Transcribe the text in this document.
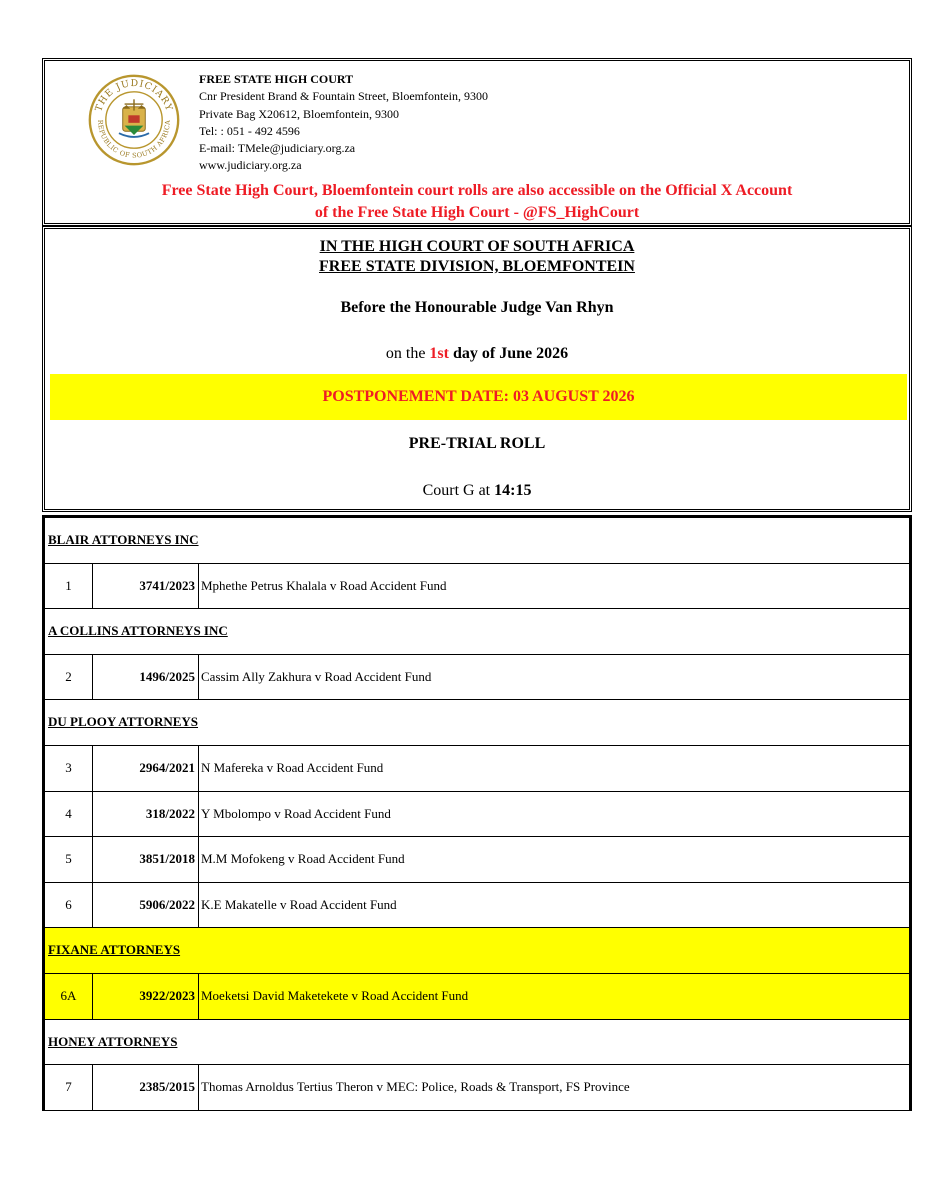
THE JUDICIARY
REPUBLIC OF SOUTH AFRICA
FREE STATE HIGH COURT
Cnr President Brand & Fountain Street, Bloemfontein, 9300
Private Bag X20612, Bloemfontein, 9300
Tel: : 051 - 492 4596
E-mail: TMele@judiciary.org.za
www.judiciary.org.za
Free State High Court, Bloemfontein court rolls are also accessible on the Official X Account
of the Free State High Court - @FS_HighCourt
IN THE HIGH COURT OF SOUTH AFRICA
FREE STATE DIVISION, BLOEMFONTEIN
Before the Honourable Judge Van Rhyn
on the 1st day of June 2026
POSTPONEMENT DATE: 03 AUGUST 2026
PRE-TRIAL ROLL
Court G at 14:15
BLAIR ATTORNEYS INC
1	3741/2023 Mphethe Petrus Khalala v Road Accident Fund
A COLLINS ATTORNEYS INC
2	1496/2025 Cassim Ally Zakhura v Road Accident Fund
DU PLOOY ATTORNEYS
3	2964/2021 N Mafereka v Road Accident Fund
4	318/2022 Y Mbolompo v Road Accident Fund
5	3851/2018 M.M Mofokeng v Road Accident Fund
6	5906/2022 K.E Makatelle v Road Accident Fund
FIXANE ATTORNEYS
6A	3922/2023 Moeketsi David Maketekete v Road Accident Fund
HONEY ATTORNEYS
7	2385/2015 Thomas Arnoldus Tertius Theron v MEC: Police, Roads & Transport, FS Province
